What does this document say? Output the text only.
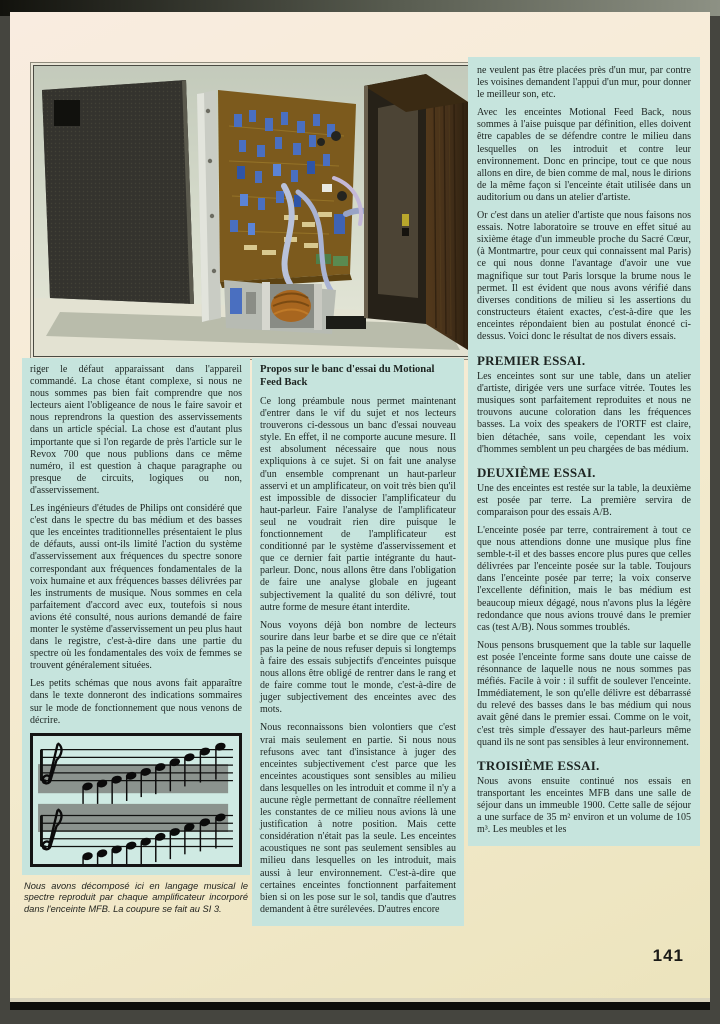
riger le défaut apparaissant dans l'appareil commandé. La chose étant complexe, si nous ne nous sommes pas bien fait comprendre que nos lecteurs aient l'obligeance de nous le faire savoir et nous reprendrons la question des asservissements dans un article spécial. La chose est d'autant plus importante que si l'on regarde de près l'article sur le Revox 700 que nous publions dans ce même numéro, il est question à chaque paragraphe ou presque de circuits, logiques ou non, d'asservissement.

Les ingénieurs d'études de Philips ont considéré que c'est dans le spectre du bas médium et des basses que les enceintes traditionnelles présentaient le plus de défauts, aussi ont-ils limité l'action du système d'asservissement aux fréquences du spectre sonore correspondant aux fréquences fondamentales de la voix humaine et aux fréquences basses délivrées par les instruments de musique. Nous sommes en cela parfaitement d'accord avec eux, toutefois si nous avions été consulté, nous aurions demandé de faire monter le système d'asservissement un peu plus haut dans le registre, c'est-à-dire dans une partie du spectre où les fondamentales des voix de femmes se trouvent généralement situées.

Les petits schémas que nous avons fait apparaître dans le texte donneront des indications sommaires sur le mode de fonctionnement que nous venons de décrire.

Nous avons décomposé ici en langage musical le spectre reproduit par chaque amplificateur incorporé dans l'enceinte MFB. La coupure se fait au SI 3.

Propos sur le banc d'essai du Motional Feed Back

Ce long préambule nous permet maintenant d'entrer dans le vif du sujet et nos lecteurs trouverons ci-dessous un banc d'essai nouveau style. En effet, il ne comporte aucune mesure. Il est absolument nécessaire que nous nous expliquions à ce sujet. Si on fait une analyse d'un ensemble comprenant un haut-parleur asservi et un amplificateur, on voit très bien qu'il est impossible de dissocier l'amplificateur du haut-parleur. Faire l'analyse de l'amplificateur seul ne voudrait rien dire puisque le fonctionnement de l'amplificateur est conditionné par le système d'asservissement et que ce dernier fait partie intégrante du haut-parleur. Donc, nous allons être dans l'obligation de faire une analyse globale en jugeant subjectivement la qualité du son délivré, tout autre forme de mesure étant interdite.

Nous voyons déjà bon nombre de lecteurs sourire dans leur barbe et se dire que ce n'était pas la peine de nous refuser depuis si longtemps à faire des essais subjectifs d'enceintes puisque nous allons être obligé de rentrer dans le rang et de faire comme tout le monde, c'est-à-dire de juger subjectivement des enceintes avec des mots.

Nous reconnaissons bien volontiers que c'est vrai mais seulement en partie. Si nous nous refusons avec tant d'insistance à juger des enceintes subjectivement c'est parce que les enceintes acoustiques sont sensibles au milieu dans lesquelles on les introduit et comme il n'y a aucune règle permettant de connaître réellement les constantes de ce milieu nous avions là une justification à notre position. Mais cette considération n'était pas la seule. Les enceintes acoustiques ne sont pas seulement sensibles au milieu dans lesquelles on les introduit, mais aussi à leur environnement. C'est-à-dire que certaines enceintes fonctionnent parfaitement bien si on les pose sur le sol, tandis que d'autres demandent à être surélevées. D'autres encore

ne veulent pas être placées près d'un mur, par contre les voisines demandent l'appui d'un mur, pour donner le meilleur son, etc.

Avec les enceintes Motional Feed Back, nous sommes à l'aise puisque par définition, elles doivent être capables de se défendre contre le milieu dans lesquelles on les introduit et contre leur environnement. Donc en principe, tout ce que nous allons en dire, de bien comme de mal, nous le dirions de la même façon si l'enceinte était utilisée dans un auditorium ou dans un atelier d'artiste.

Or c'est dans un atelier d'artiste que nous faisons nos essais. Notre laboratoire se trouve en effet situé au sixième étage d'un immeuble proche du Sacré Cœur, (à Montmartre, pour ceux qui connaissent mal Paris) ce qui nous donne l'avantage d'avoir une vue magnifique sur tout Paris lorsque la brume nous le permet. Il est évident que nous avons vérifié dans diverses conditions de milieu si les assertions du constructeurs étaient exactes, c'est-à-dire que les enceintes répondaient bien au postulat énoncé ci-dessus. Voici donc le résultat de nos divers essais.

PREMIER ESSAI.

Les enceintes sont sur une table, dans un atelier d'artiste, dirigée vers une surface vitrée. Toutes les musiques sont parfaitement reproduites et nous ne trouvons aucune coloration dans les fréquences basses. La voix des speakers de l'ORTF est claire, bien détachée, sans voile, cependant les voix d'hommes semblent un peu chargées de bas médium.

DEUXIÈME ESSAI.

Une des enceintes est restée sur la table, la deuxième est posée par terre. La première servira de comparaison pour des essais A/B.

L'enceinte posée par terre, contrairement à tout ce que nous attendions donne une musique plus fine semble-t-il et des basses encore plus pures que celles délivrées par l'enceinte posée sur la table. Toujours dans l'enceinte posée par terre; la voix conserve l'excellente définition, mais le bas médium est beaucoup mieux dégagé, nous n'avons plus la légère redondance que nous avions trouvé dans le premier cas (test A/B). Nous sommes troublés.

Nous pensons brusquement que la table sur laquelle est posée l'enceinte forme sans doute une caisse de résonnance de laquelle nous ne nous sommes pas méfiés. Facile à voir : il suffit de soulever l'enceinte. Immédiatement, le son qu'elle délivre est débarrassé du relevé des basses dans le bas médium qui nous avait gêné dans le premier essai. Comme on le voit, c'est très simple d'essayer des haut-parleurs même quand ils ne sont pas sensibles à leur environnement.

TROISIÈME ESSAI.

Nous avons ensuite continué nos essais en transportant les enceintes MFB dans une salle de séjour dans un immeuble 1900. Cette salle de séjour a une surface de 35 m² environ et un volume de 105 m³. Les meubles et les

141
